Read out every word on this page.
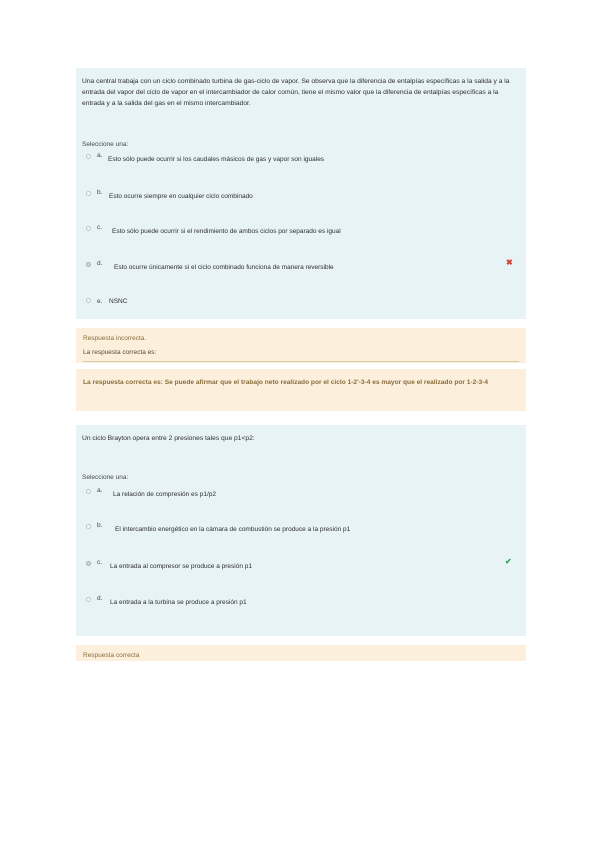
Una central trabaja con un ciclo combinado turbina de gas-ciclo de vapor. Se observa que la diferencia de entalpías específicas a la salida y a la entrada del vapor del ciclo de vapor en el intercambiador de calor común, tiene el mismo valor que la diferencia de entalpías específicas a la entrada y a la salida del gas en el mismo intercambiador.
Seleccione una:
a.
Esto sólo puede ocurrir si los caudales másicos de gas y vapor son iguales
b.
Esto ocurre siempre en cualquier ciclo combinado
c.
Esto sólo puede ocurrir si el rendimiento de ambos ciclos por separado es igual
d.
Esto ocurre únicamente si el ciclo combinado funciona de manera reversible
e. NSNC
✖
Respuesta incorrecta.
La respuesta correcta es:
La respuesta correcta es: Se puede afirmar que el trabajo neto realizado por el ciclo 1-2'-3-4 es mayor que el realizado por 1-2-3-4
Un ciclo Brayton opera entre 2 presiones tales que p1<p2:
Seleccione una:
a.
La relación de compresión es p1/p2
b.
El intercambio energético en la cámara de combustión se produce a la presión p1
c.
La entrada al compresor se produce a presión p1
d.
La entrada a la turbina se produce a presión p1
✔
Respuesta correcta
